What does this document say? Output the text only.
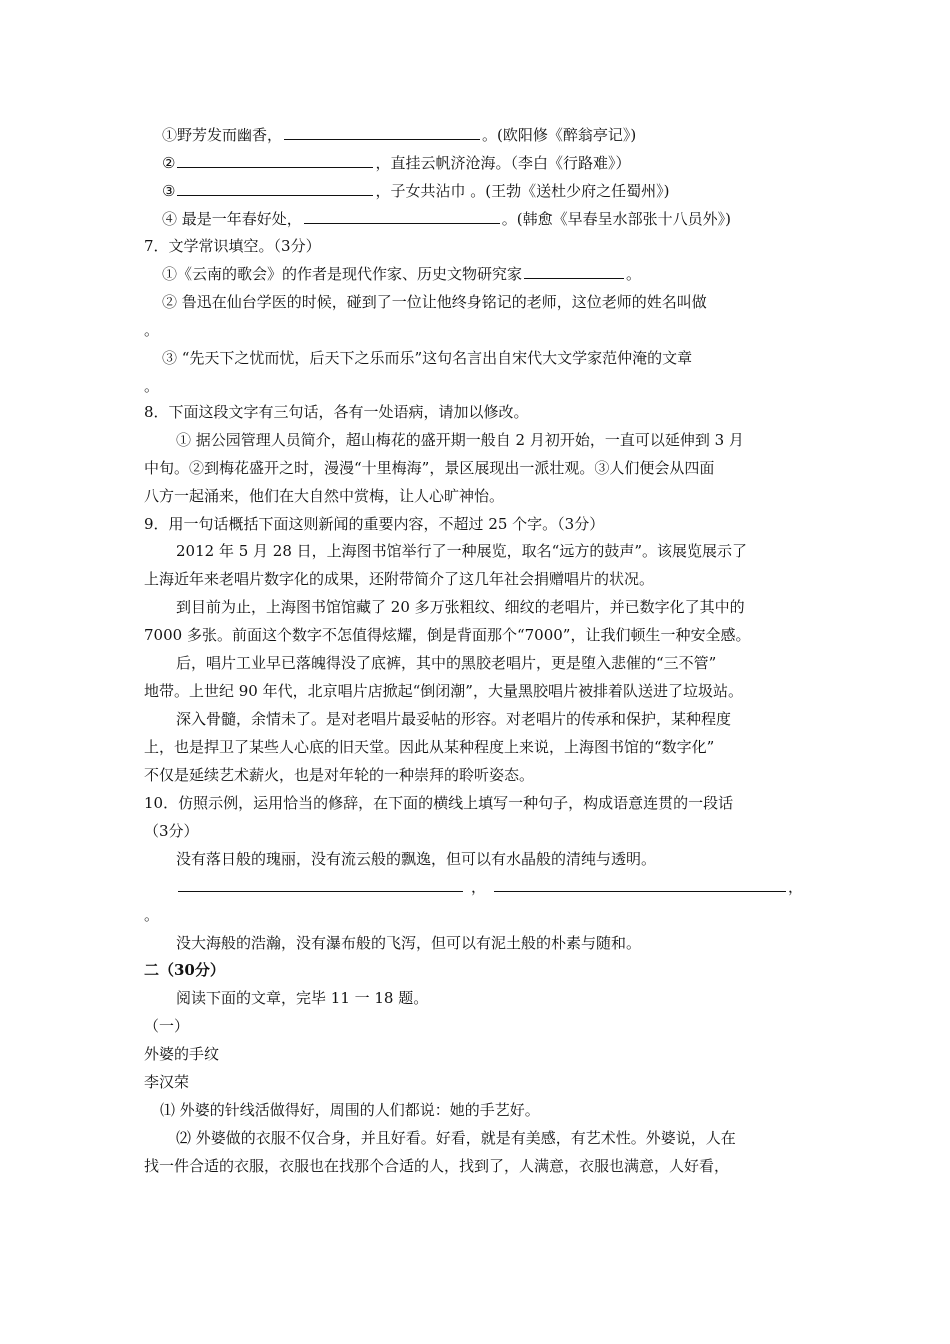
①野芳发而幽香，	。(欧阳修《醉翁亭记》)
②	，直挂云帆济沧海。（李白《行路难》）
③	，子女共沾巾 。(王勃《送杜少府之任蜀州》)
④ 最是一年春好处，	。(韩愈《早春呈水部张十八员外》)
7．文学常识填空。（3分）
①《云南的歌会》的作者是现代作家、历史文物研究家	。
② 鲁迅在仙台学医的时候，碰到了一位让他终身铭记的老师，这位老师的姓名叫做
。
③ “先天下之忧而忧，后天下之乐而乐”这句名言出自宋代大文学家范仲淹的文章
。
8．下面这段文字有三句话，各有一处语病，请加以修改。
① 据公园管理人员简介，超山梅花的盛开期一般自 2 月初开始，一直可以延伸到 3 月
中旬。②到梅花盛开之时，漫漫“十里梅海”，景区展现出一派壮观。③人们便会从四面
八方一起涌来，他们在大自然中赏梅，让人心旷神怡。
9．用一句话概括下面这则新闻的重要内容，不超过 25 个字。（3分）
2012 年 5 月 28 日，上海图书馆举行了一种展览，取名“远方的鼓声”。该展览展示了
上海近年来老唱片数字化的成果，还附带简介了这几年社会捐赠唱片的状况。
到目前为止，上海图书馆馆藏了 20 多万张粗纹、细纹的老唱片，并已数字化了其中的
7000 多张。前面这个数字不怎值得炫耀，倒是背面那个“7000”，让我们顿生一种安全感。
后，唱片工业早已落魄得没了底裤，其中的黑胶老唱片，更是堕入悲催的“三不管”
地带。上世纪 90 年代，北京唱片店掀起“倒闭潮”，大量黑胶唱片被排着队送进了垃圾站。
深入骨髓，余情未了。是对老唱片最妥帖的形容。对老唱片的传承和保护，某种程度
上，也是捍卫了某些人心底的旧天堂。因此从某种程度上来说，上海图书馆的“数字化”
不仅是延续艺术薪火，也是对年轮的一种崇拜的聆听姿态。
10．仿照示例，运用恰当的修辞，在下面的横线上填写一种句子，构成语意连贯的一段话
（3分）
没有落日般的瑰丽，没有流云般的飘逸，但可以有水晶般的清纯与透明。
，	，
。
没大海般的浩瀚，没有瀑布般的飞泻，但可以有泥土般的朴素与随和。
二（30分）
阅读下面的文章，完毕 11 一 18 题。
（一）
外婆的手纹
李汉荣
⑴ 外婆的针线活做得好，周围的人们都说：她的手艺好。
⑵ 外婆做的衣服不仅合身，并且好看。好看，就是有美感，有艺术性。外婆说，人在
找一件合适的衣服，衣服也在找那个合适的人，找到了，人满意，衣服也满意，人好看，
